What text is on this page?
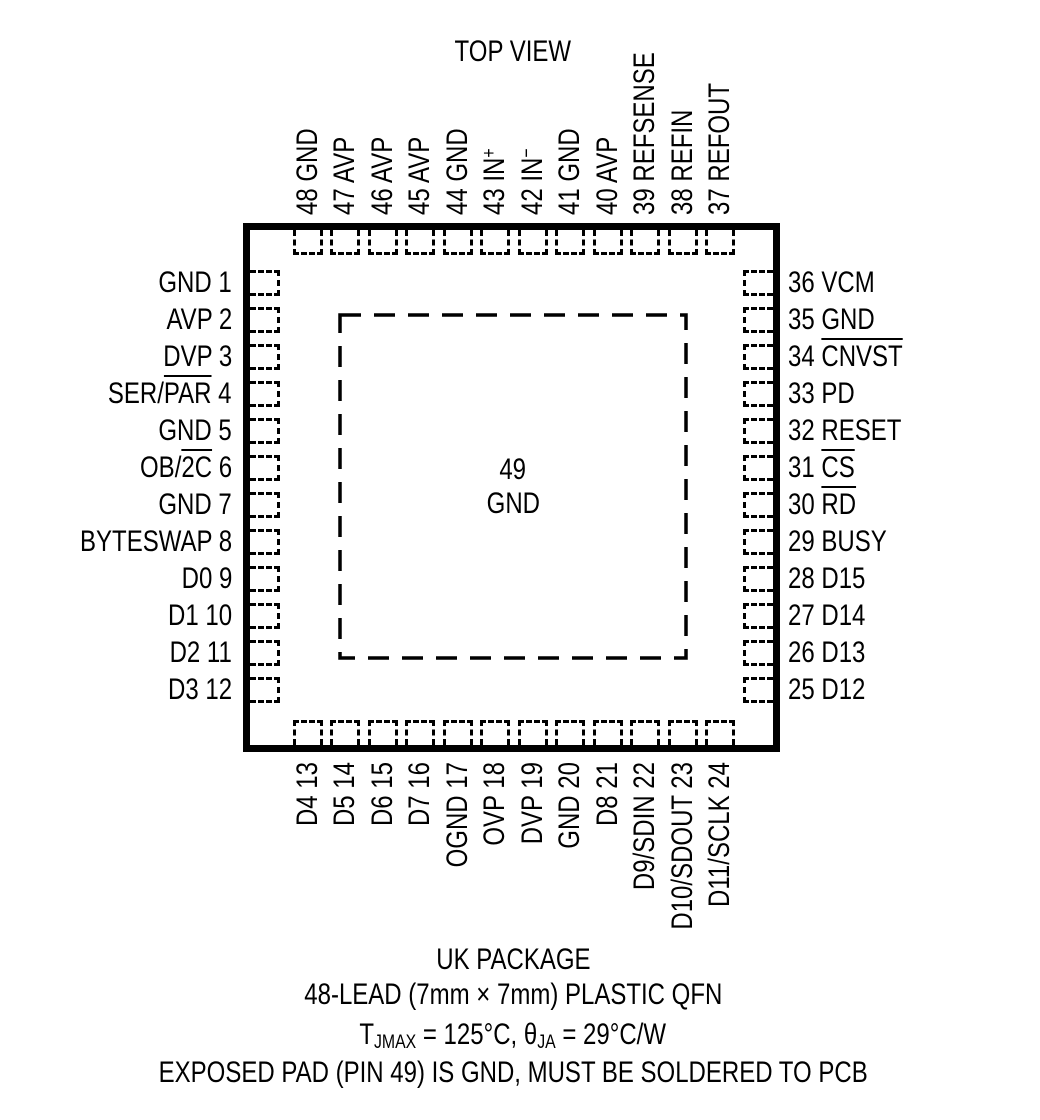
TOP VIEW
49
GND
48 GND 47 AVP 46 AVP 45 AVP 44 GND 43 IN+
42 IN− 41 GND 40 AVP 39 REFSENSE 38 REFIN 37 REFOUT
36 VCM
35 GND
34 CNVST
33 PD
32 RESET
31 $\overline{CS}$
30 $\overline{RD}$
29 BUSY
28 D15
27 D14
26 D13
25 D12
D4 13 D5 14 D6 15 D7 16 OGND 17 OVP 18 DVP 19 GND 20 D8 21 D9/SDIN 22 D10/SDOUT 23 D11/SCLK 24
GND 1
AVP 2
DVP 3
SER/$\overline{PAR}$ 4
GND 5
OB/2C 6
GND 7
BYTESWAP 8
D0 9
D1 10
D2 11
D3 12
UK PACKAGE
48-LEAD (7mm × 7mm) PLASTIC QFN
$T_{JMAX} = 125^\circ C$, $\theta_{JA} = 29^\circ C/W$
EXPOSED PAD (PIN 49) IS GND, MUST BE SOLDERED TO PCB
